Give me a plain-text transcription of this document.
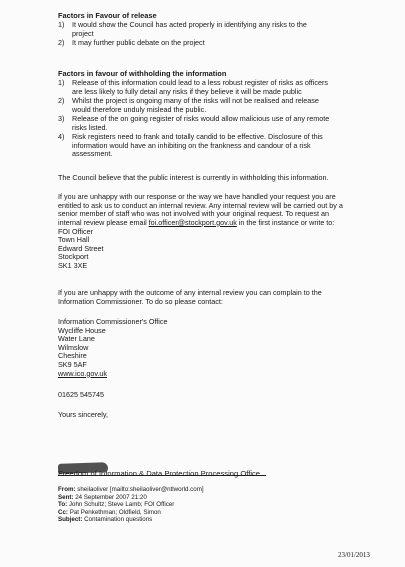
Factors in Favour of release
1) It would show the Council has acted properly in identifying any risks to the
project
2) It may further public debate on the project
Factors in favour of withholding the information
1) Release of this information could lead to a less robust register of risks as officers
are less likely to fully detail any risks if they believe it will be made public
2) Whilst the project is ongoing many of the risks will not be realised and release
would therefore unduly mislead the public.
3) Release of the on going register of risks would allow malicious use of any remote
risks listed.
4) Risk registers need to frank and totally candid to be effective. Disclosure of this
information would have an inhibiting on the frankness and candour of a risk
assessment.
The Council believe that the public interest is currently in withholding this information.
If you are unhappy with our response or the way we have handled your request you are
entitled to ask us to conduct an internal review. Any internal review will be carried out by a
senior member of staff who was not involved with your original request. To request an
internal review please email foi.officer@stockport.gov.uk in the first instance or write to:
FOI Officer
Town Hall
Edward Street
Stockport
SK1 3XE
If you are unhappy with the outcome of any internal review you can complain to the
Information Commissioner. To do so please contact:
Information Commissioner's Office
Wycliffe House
Water Lane
Wilmslow
Cheshire
SK9 5AF
www.ico.gov.uk
01625 545745
Yours sincerely,
Freedom of Information & Data Protection Processing Office
From: sheilaoliver [mailto:sheilaoliver@ntlworld.com]
Sent: 24 September 2007 21:20
To: John Schultz; Steve Lamb; FOI Officer
Cc: Pat Penkethman; Oldfield, Simon
Subject: Contamination questions
23/01/2013
